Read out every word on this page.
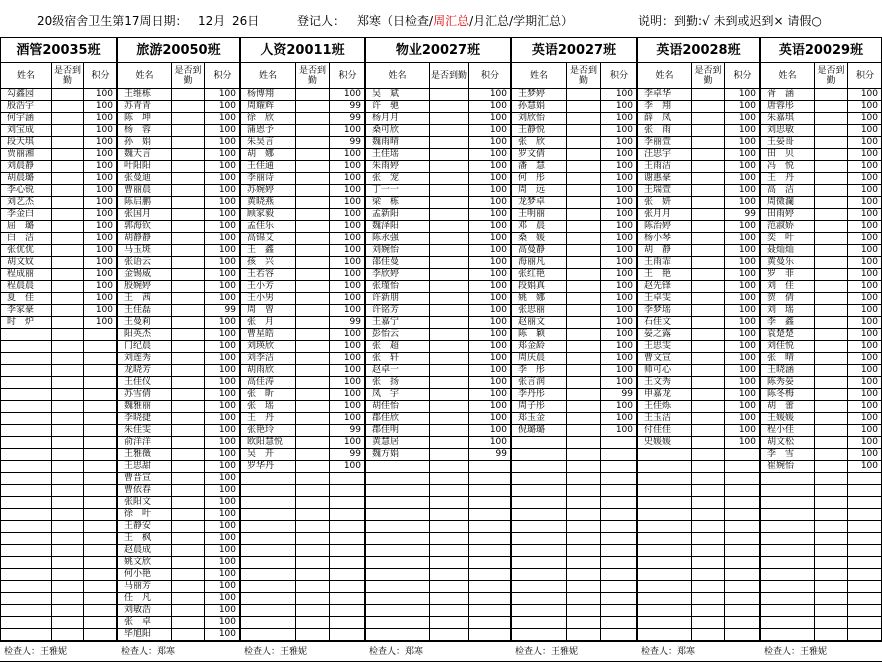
20级宿舍卫生第17周日期： 12月 26日	登记人： 郑寒（日检查/周汇总/月汇总/学期汇总）	说明：到勤:√ 未到或迟到× 请假○
酒管20035班
姓名	是否到勤	积分
勾鑫园	100
殷浩宇	100
何宇涵	100
刘宝成	100
段天琪	100
贾丽湘	100
刘晨静	100
胡晨璐	100
李心锐	100
刘艺杰	100
李金白	100
屈　璐	100
白　洁	100
张优优	100
胡文妏	100
程成丽	100
程晨晨	100
夏　佳	100
李家豪	100
时　炉	100
检查人：王雅妮
旅游20050班
姓名	是否到勤	积分
王维栋	100
苏青青	100
陈　坤	100
杨　蓉	100
孙　娟	100
魏天言	100
叶阳阳	100
张曼迪	100
曹丽晨	100
陈启鹏	100
张国月	100
郭海钦	100
胡静静	100
马玉斑	100
张语云	100
金锡威	100
殷婉婷	100
王　茜	100
王佳磊	99
王曼莉	100
阳英杰	100
门纪晨	100
刘莲秀	100
龙晓芳	100
王佳仪	100
苏雪倩	100
魏雅丽	100
李晓捷	100
朱佳雯	100
俞洋洋	100
王雅薇	100
王思甜	100
曹晋宣	100
曹依春	100
张阳文	100
徐　叶	100
王静安	100
王　枫	100
赵晨成	100
姚文欣	100
何小艳	100
马丽芳	100
任　凡	100
刘敏浩	100
张　卓	100
毕旭阳	100
检查人：郑寒
人资20011班
姓名	是否到勤	积分
杨博翔	100
周耀辉	99
徐　欣	99
蒲恩予	100
朱昊言	99
胡　娜	100
王佳通	100
李丽诗	100
苏婉婷	100
黄晓燕	100
顾家毅	100
孟佳乐	100
高锦艾	100
王　鑫	100
孩　兴	100
王若容	100
王小芳	100
王小男	100
周　曾	100
张　月	99
曹星皓	100
刘瑛欣	100
刘李洁	100
胡雨欣	100
高佳涛	100
张　盺	100
张　瑶	100
王　丹	100
张艳玲	99
欧阳慧悦	100
吴　开	99
罗华丹	100
检查人：王雅妮
物业20027班
姓名	是否到勤	积分
吴　斌	100
许　驰	100
杨月月	100
桑可欣	100
魏雨晴	100
王佳瑶	100
朱雨婷	100
张　宠	100
丁一一	100
梁　栋	100
孟新阳	100
魏泽阳	100
陈永强	100
刘婉怡	100
邵佳曼	100
李欣婷	100
张瑾怡	100
许新朋	100
许铭芳	100
王嘉宁	100
彭怡云	100
张　超	100
张　轩	100
赵卓一	100
张　扬	100
凤　宇	100
胡佳怡	100
郡佳欣	100
郡佳明	100
黄慧居	100
魏方娟	99
检查人：郑寒
英语20027班
姓名	是否到勤	积分
王梦婷	100
孙慧娟	100
刘欣怡	100
王静悦	100
张　欣	100
罗文倩	100
潘　慧	100
何　彤	100
周　远	100
龙梦卓	100
王明丽	100
邓　晨	100
桑　媛	100
高曼静	100
海丽凡	100
张红艳	100
段娟真	100
姚　娜	100
张思丽	100
赵丽文	100
陈　颖	100
郑金龄	100
周庆晨	100
李　彤	100
张言润	100
李丹彤	99
周子彤	100
郑玉金	100
倪璐璐	100
检查人：王雅妮
英语20028班
姓名	是否到勤	积分
李卓华	100
李　翔	100
薛　凤	100
张　雨	100
李丽萱	100
汪思宇	100
王雨洁	100
谢惠豪	100
王瑞萱	100
张　妍	100
张月月	99
陈治婷	100
杨小琴	100
胡　静	100
王雨霏	100
王　艳	100
赵先锋	100
王卓雯	100
李梦瑶	100
石佳文	100
晏之露	100
王思雯	100
曹文宣	100
师可心	100
王文秀	100
申嘉龙	100
王佳烁	100
王玉洁	100
付佳佳	100
史媛媛	100
检查人：郑寒
英语20029班
姓名	是否到勤	积分
胥　涵	100
唐蓉彤	100
朱嘉琪	100
刘思敏	100
王晏哥	100
田　贝	100
冯　悦	100
王　丹	100
高　洁	100
周微瀾	100
田雨婷	100
范淑娇	100
奕　叶	100
聂灿灿	100
黄曼乐	100
罗　菲	100
刘　佳	100
贺　倩	100
刘　瑶	100
李　鑫	100
袁楚楚	100
刘佳悦	100
张　晴	100
王晓涵	100
陈秀晏	100
陈冬梅	100
胡　蕾	100
王媛媛	100
程小佳	100
胡文松	100
李　雪	100
崔婉怡	100
检查人：王雅妮
